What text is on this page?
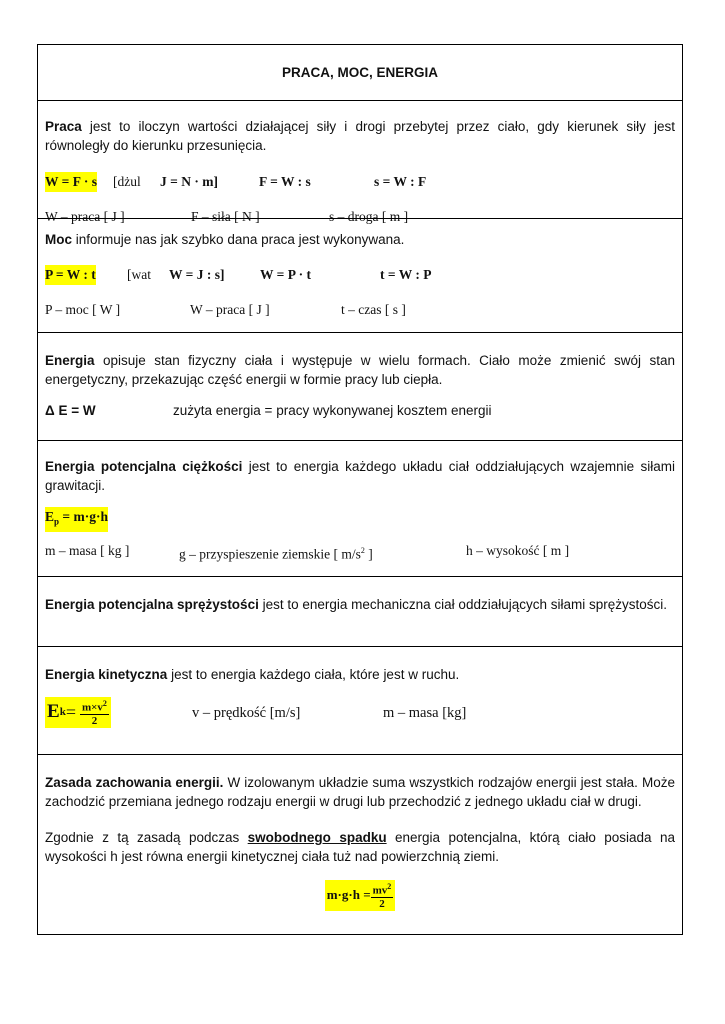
PRACA, MOC, ENERGIA

Praca jest to iloczyn wartości działającej siły i drogi przebytej przez ciało, gdy kierunek siły jest równoległy do kierunku przesunięcia.

W = F · s [dżul J = N · m]	F = W : s	s = W : F
W – praca [ J ]	F – siła [ N ]	s – droga [ m ]

Moc informuje nas jak szybko dana praca jest wykonywana.

P = W : t [wat W = J : s]	W = P · t	t = W : P
P – moc [ W ]	W – praca [ J ]	t – czas [ s ]

Energia opisuje stan fizyczny ciała i występuje w wielu formach. Ciało może zmienić swój stan energetyczny, przekazując część energii w formie pracy lub ciepła.

Δ E = W	zużyta energia = pracy wykonywanej kosztem energii

Energia potencjalna ciężkości jest to energia każdego układu ciał oddziałujących wzajemnie siłami grawitacji.

$E_p = m\cdot g\cdot h$
m – masa [ kg ]	g – przyspieszenie ziemskie [ $m/s^2$ ]	h – wysokość [ m ]

Energia potencjalna sprężystości jest to energia mechaniczna ciał oddziałujących siłami sprężystości.

Energia kinetyczna jest to energia każdego ciała, które jest w ruchu.

E $k = \frac{m\times v^2}{2}$	v – prędkość [m/s]	m – masa [kg]

Zasada zachowania energii. W izolowanym układzie suma wszystkich rodzajów energii jest stała. Może zachodzić przemiana jednego rodzaju energii w drugi lub przechodzić z jednego układu ciał w drugi.

Zgodnie z tą zasadą podczas swobodnego spadku energia potencjalna, którą ciało posiada na wysokości h jest równa energii kinetycznej ciała tuż nad powierzchnią ziemi.

$m\cdot g\cdot h = \frac{mv^2}{2}$
